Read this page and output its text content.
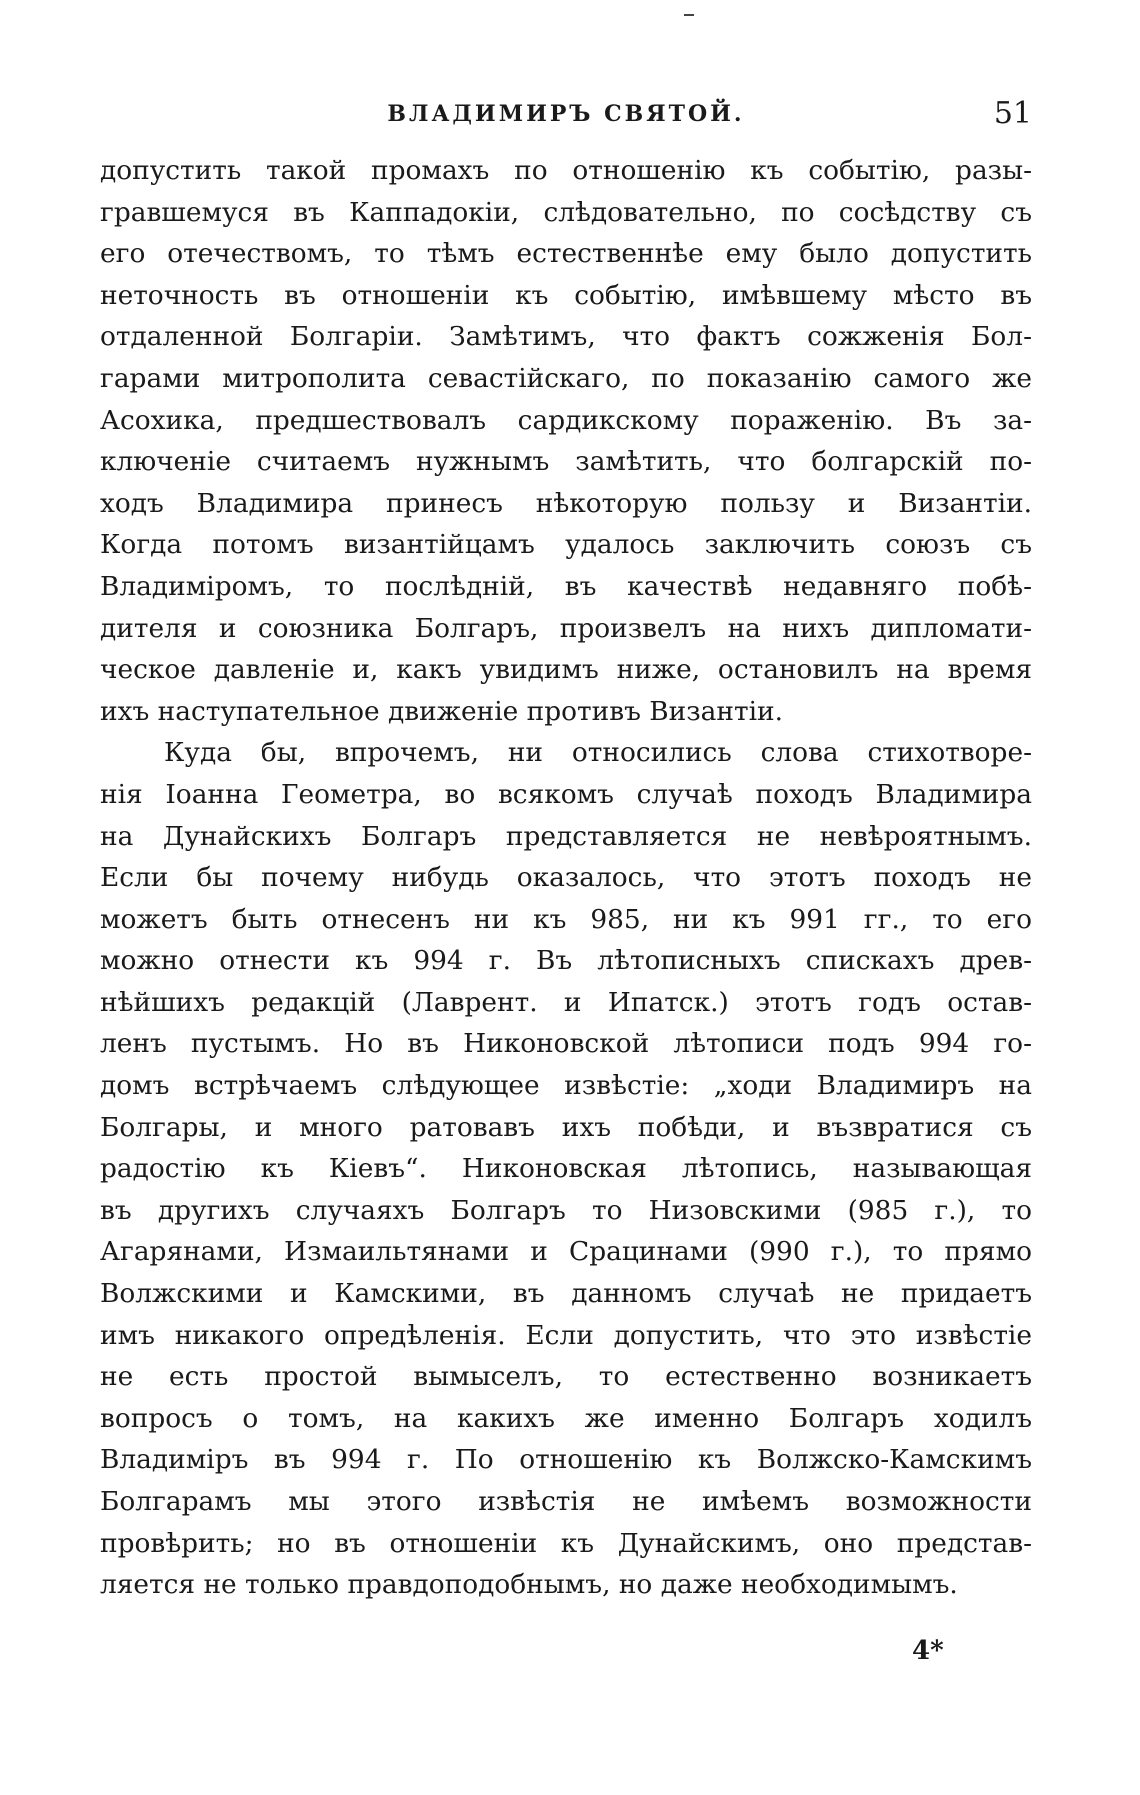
ВЛАДИМИРЪ СВЯТОЙ.	51
допустить такой промахъ по отношенію къ событію, разы-
гравшемуся въ Каппадокіи, слѣдовательно, по сосѣдству съ
его отечествомъ, то тѣмъ естественнѣе ему было допустить
неточность въ отношеніи къ событію, имѣвшему мѣсто въ
отдаленной Болгаріи. Замѣтимъ, что фактъ сожженія Бол-
гарами митрополита севастійскаго, по показанію самого же
Асохика, предшествовалъ сардикскому пораженію. Въ за-
ключеніе считаемъ нужнымъ замѣтить, что болгарскій по-
ходъ Владимира принесъ нѣкоторую пользу и Византіи.
Когда потомъ византійцамъ удалось заключить союзъ съ
Владиміромъ, то послѣдній, въ качествѣ недавняго побѣ-
дителя и союзника Болгаръ, произвелъ на нихъ дипломати-
ческое давленіе и, какъ увидимъ ниже, остановилъ на время
ихъ наступательное движеніе противъ Византіи.
Куда бы, впрочемъ, ни относились слова стихотворе-
нія Іоанна Геометра, во всякомъ случаѣ походъ Владимира
на Дунайскихъ Болгаръ представляется не невѣроятнымъ.
Если бы почему нибудь оказалось, что этотъ походъ не
можетъ быть отнесенъ ни къ 985, ни къ 991 гг., то его
можно отнести къ 994 г. Въ лѣтописныхъ спискахъ древ-
нѣйшихъ редакцій (Лаврент. и Ипатск.) этотъ годъ остав-
ленъ пустымъ. Но въ Никоновской лѣтописи подъ 994 го-
домъ встрѣчаемъ слѣдующее извѣстіе: „ходи Владимиръ на
Болгары, и много ратовавъ ихъ побѣди, и възвратися съ
радостію къ Кіевъ“. Никоновская лѣтопись, называющая
въ другихъ случаяхъ Болгаръ то Низовскими (985 г.), то
Агарянами, Измаильтянами и Срацинами (990 г.), то прямо
Волжскими и Камскими, въ данномъ случаѣ не придаетъ
имъ никакого опредѣленія. Если допустить, что это извѣстіе
не есть простой вымыселъ, то естественно возникаетъ
вопросъ о томъ, на какихъ же именно Болгаръ ходилъ
Владиміръ въ 994 г. По отношенію къ Волжско-Камскимъ
Болгарамъ мы этого извѣстія не имѣемъ возможности
провѣрить; но въ отношеніи къ Дунайскимъ, оно представ-
ляется не только правдоподобнымъ, но даже необходимымъ.
4*
